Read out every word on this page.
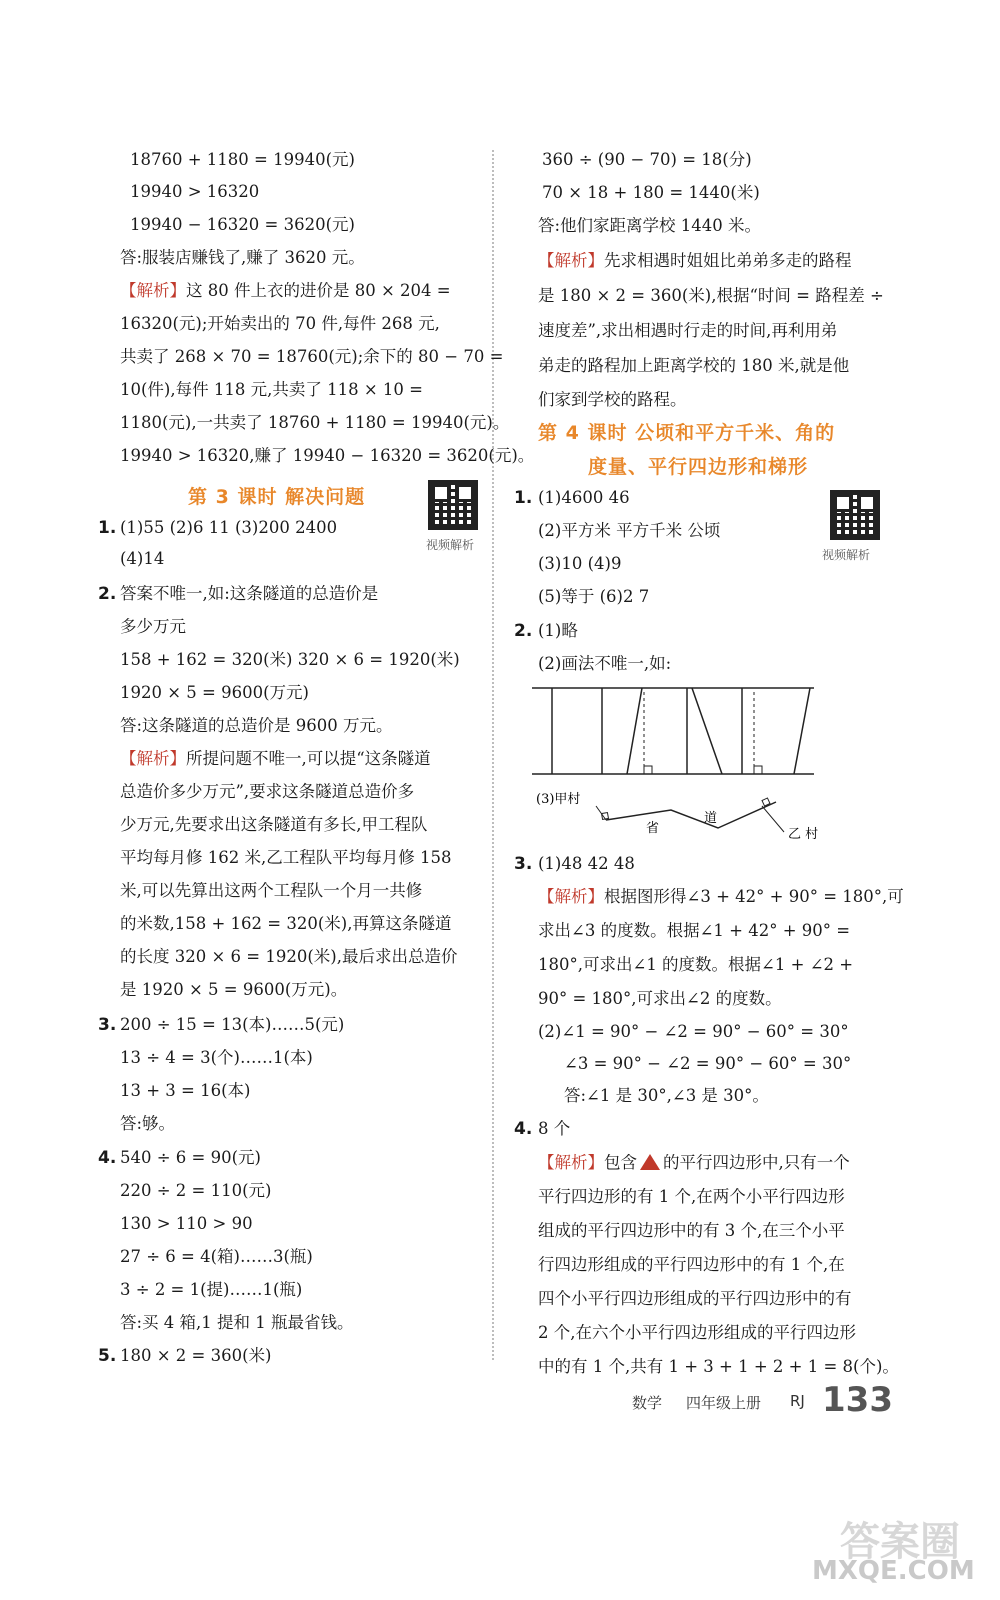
18760 + 1180 = 19940(元)
19940 > 16320
19940 − 16320 = 3620(元)
答:服装店赚钱了,赚了 3620 元。
【解析】这 80 件上衣的进价是 80 × 204 =
16320(元);开始卖出的 70 件,每件 268 元,
共卖了 268 × 70 = 18760(元);余下的 80 − 70 =
10(件),每件 118 元,共卖了 118 × 10 =
1180(元),一共卖了 18760 + 1180 = 19940(元)。
19940 > 16320,赚了 19940 − 16320 = 3620(元)。
第 3 课时 解决问题
视频解析
1. (1)55 (2)6 11 (3)200 2400
(4)14
2. 答案不唯一,如:这条隧道的总造价是
多少万元
158 + 162 = 320(米) 320 × 6 = 1920(米)
1920 × 5 = 9600(万元)
答:这条隧道的总造价是 9600 万元。
【解析】所提问题不唯一,可以提“这条隧道
总造价多少万元”,要求这条隧道总造价多
少万元,先要求出这条隧道有多长,甲工程队
平均每月修 162 米,乙工程队平均每月修 158
米,可以先算出这两个工程队一个月一共修
的米数,158 + 162 = 320(米),再算这条隧道
的长度 320 × 6 = 1920(米),最后求出总造价
是 1920 × 5 = 9600(万元)。
3. 200 ÷ 15 = 13(本)……5(元)
13 ÷ 4 = 3(个)……1(本)
13 + 3 = 16(本)
答:够。
4. 540 ÷ 6 = 90(元)
220 ÷ 2 = 110(元)
130 > 110 > 90
27 ÷ 6 = 4(箱)……3(瓶)
3 ÷ 2 = 1(提)……1(瓶)
答:买 4 箱,1 提和 1 瓶最省钱。
5. 180 × 2 = 360(米)
360 ÷ (90 − 70) = 18(分)
70 × 18 + 180 = 1440(米)
答:他们家距离学校 1440 米。
【解析】先求相遇时姐姐比弟弟多走的路程
是 180 × 2 = 360(米),根据“时间 = 路程差 ÷
速度差”,求出相遇时行走的时间,再利用弟
弟走的路程加上距离学校的 180 米,就是他
们家到学校的路程。
第 4 课时 公顷和平方千米、角的
度量、平行四边形和梯形
视频解析
1. (1)4600 46
(2)平方米 平方千米 公顷
(3)10 (4)9
(5)等于 (6)2 7
2. (1)略
(2)画法不唯一,如:
(3)甲村
省
道
乙 村
3. (1)48 42 48
【解析】根据图形得∠3 + 42° + 90° = 180°,可
求出∠3 的度数。根据∠1 + 42° + 90° =
180°,可求出∠1 的度数。根据∠1 + ∠2 +
90° = 180°,可求出∠2 的度数。
(2)∠1 = 90° − ∠2 = 90° − 60° = 30°
∠3 = 90° − ∠2 = 90° − 60° = 30°
答:∠1 是 30°,∠3 是 30°。
4. 8 个
【解析】包含 的平行四边形中,只有一个
平行四边形的有 1 个,在两个小平行四边形
组成的平行四边形中的有 3 个,在三个小平
行四边形组成的平行四边形中的有 1 个,在
四个小平行四边形组成的平行四边形中的有
2 个,在六个小平行四边形组成的平行四边形
中的有 1 个,共有 1 + 3 + 1 + 2 + 1 = 8(个)。
数学 四年级上册 RJ 133
答案圈
MXQE.COM
